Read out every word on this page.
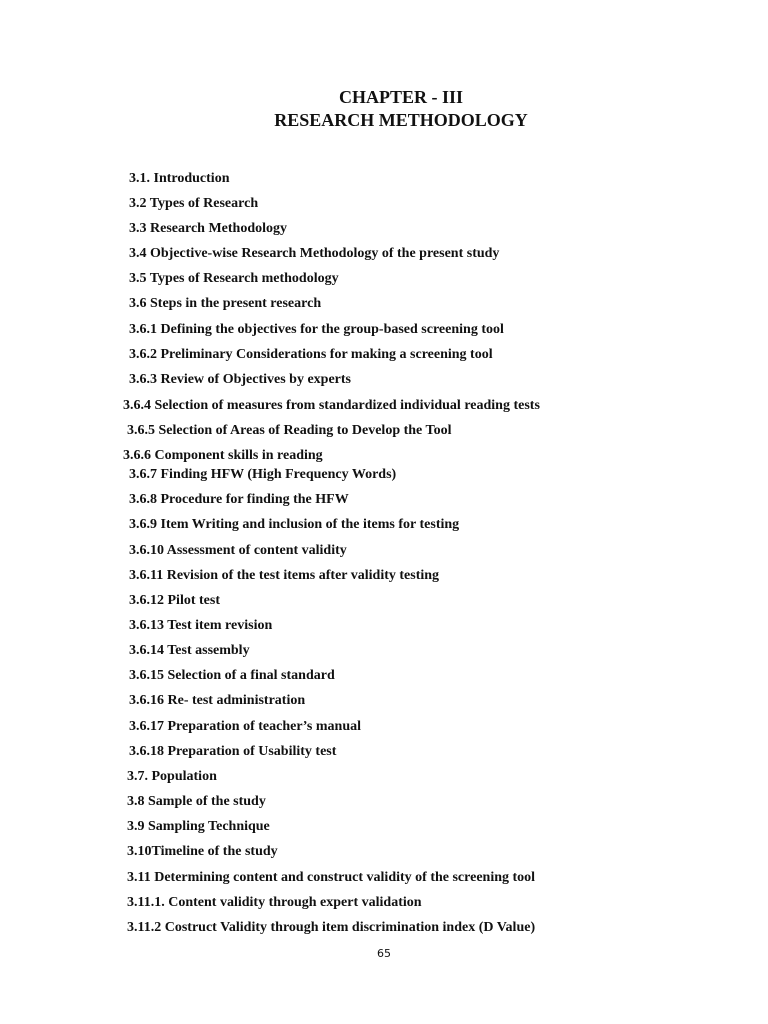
CHAPTER - III
RESEARCH METHODOLOGY
3.1. Introduction
3.2 Types of Research
3.3 Research Methodology
3.4 Objective-wise Research Methodology of the present study
3.5 Types of Research methodology
3.6 Steps in the present research
3.6.1 Defining the objectives for the group-based screening tool
3.6.2 Preliminary Considerations for making a screening tool
3.6.3 Review of Objectives by experts
3.6.4 Selection of measures from standardized individual reading tests
3.6.5 Selection of Areas of Reading to Develop the Tool
3.6.6 Component skills in reading
3.6.7 Finding HFW (High Frequency Words)
3.6.8 Procedure for finding the HFW
3.6.9 Item Writing and inclusion of the items for testing
3.6.10 Assessment of content validity
3.6.11 Revision of the test items after validity testing
3.6.12 Pilot test
3.6.13 Test item revision
3.6.14 Test assembly
3.6.15 Selection of a final standard
3.6.16 Re- test administration
3.6.17 Preparation of teacher’s manual
3.6.18 Preparation of Usability test
3.7. Population
3.8 Sample of the study
3.9 Sampling Technique
3.10Timeline of the study
3.11 Determining content and construct validity of the screening tool
3.11.1. Content validity through expert validation
3.11.2 Costruct Validity through item discrimination index (D Value)
65
